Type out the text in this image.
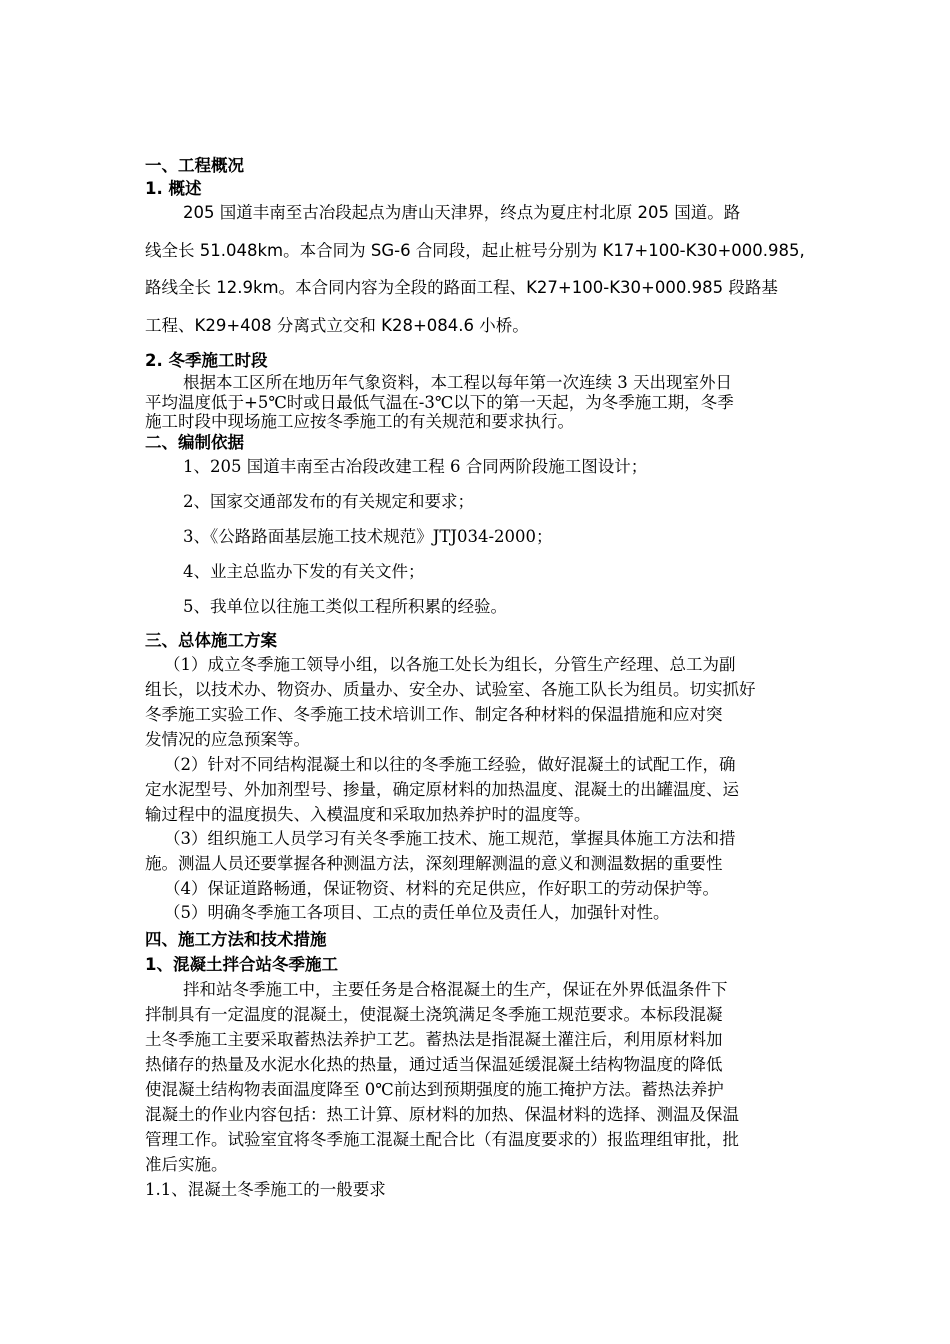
一、工程概况
1. 概述
205 国道丰南至古冶段起点为唐山天津界，终点为夏庄村北原 205 国道。路
线全长 51.048km。本合同为 SG-6 合同段，起止桩号分别为 K17+100-K30+000.985,
路线全长 12.9km。本合同内容为全段的路面工程、K27+100-K30+000.985 段路基
工程、K29+408 分离式立交和 K28+084.6 小桥。
2. 冬季施工时段
根据本工区所在地历年气象资料，本工程以每年第一次连续 3 天出现室外日
平均温度低于+5℃时或日最低气温在-3℃以下的第一天起，为冬季施工期，冬季
施工时段中现场施工应按冬季施工的有关规范和要求执行。
二、编制依据
1、205 国道丰南至古冶段改建工程 6 合同两阶段施工图设计；
2、国家交通部发布的有关规定和要求；
3、《公路路面基层施工技术规范》JTJ034-2000；
4、业主总监办下发的有关文件；
5、我单位以往施工类似工程所积累的经验。
三、总体施工方案
（1）成立冬季施工领导小组，以各施工处长为组长，分管生产经理、总工为副
组长，以技术办、物资办、质量办、安全办、试验室、各施工队长为组员。切实抓好
冬季施工实验工作、冬季施工技术培训工作、制定各种材料的保温措施和应对突
发情况的应急预案等。
（2）针对不同结构混凝土和以往的冬季施工经验，做好混凝土的试配工作，确
定水泥型号、外加剂型号、掺量，确定原材料的加热温度、混凝土的出罐温度、运
输过程中的温度损失、入模温度和采取加热养护时的温度等。
（3）组织施工人员学习有关冬季施工技术、施工规范，掌握具体施工方法和措
施。测温人员还要掌握各种测温方法，深刻理解测温的意义和测温数据的重要性
（4）保证道路畅通，保证物资、材料的充足供应，作好职工的劳动保护等。
（5）明确冬季施工各项目、工点的责任单位及责任人，加强针对性。
四、施工方法和技术措施
1、混凝土拌合站冬季施工
拌和站冬季施工中，主要任务是合格混凝土的生产，保证在外界低温条件下
拌制具有一定温度的混凝土，使混凝土浇筑满足冬季施工规范要求。本标段混凝
土冬季施工主要采取蓄热法养护工艺。蓄热法是指混凝土灌注后，利用原材料加
热储存的热量及水泥水化热的热量，通过适当保温延缓混凝土结构物温度的降低
使混凝土结构物表面温度降至 0℃前达到预期强度的施工掩护方法。蓄热法养护
混凝土的作业内容包括：热工计算、原材料的加热、保温材料的选择、测温及保温
管理工作。试验室宜将冬季施工混凝土配合比（有温度要求的）报监理组审批，批
准后实施。
1.1、混凝土冬季施工的一般要求
